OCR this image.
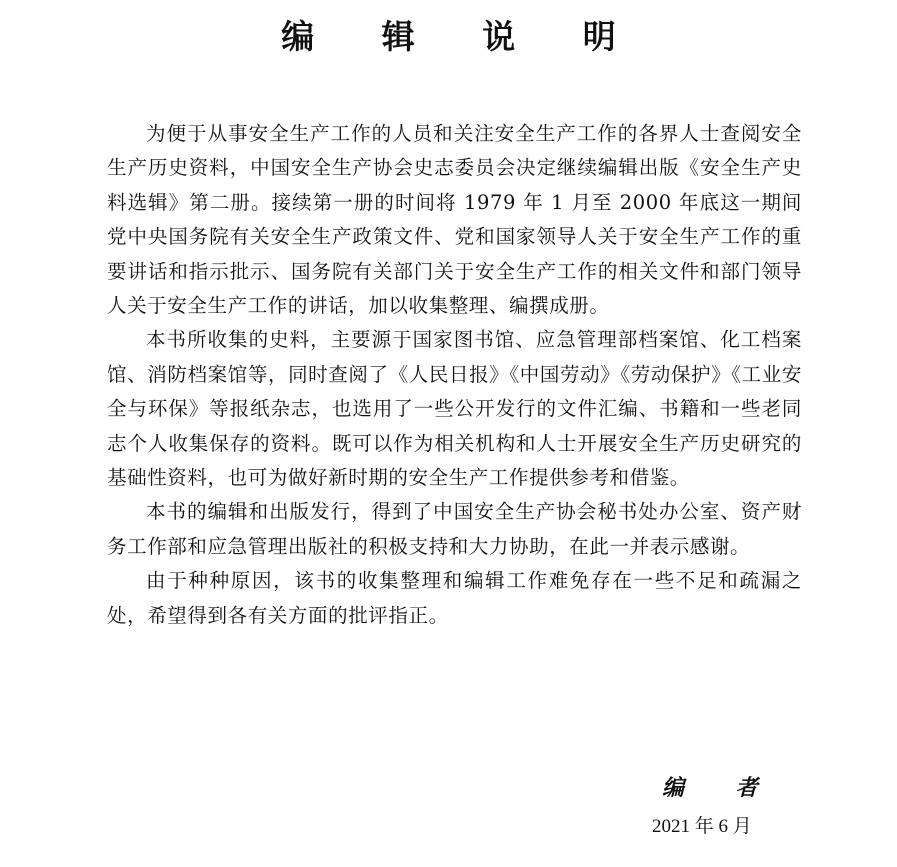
编 辑 说 明

为便于从事安全生产工作的人员和关注安全生产工作的各界人士查阅安全生产历史资料，中国安全生产协会史志委员会决定继续编辑出版《安全生产史料选辑》第二册。接续第一册的时间将 1979 年 1 月至 2000 年底这一期间党中央国务院有关安全生产政策文件、党和国家领导人关于安全生产工作的重要讲话和指示批示、国务院有关部门关于安全生产工作的相关文件和部门领导人关于安全生产工作的讲话，加以收集整理、编撰成册。

本书所收集的史料，主要源于国家图书馆、应急管理部档案馆、化工档案馆、消防档案馆等，同时查阅了《人民日报》《中国劳动》《劳动保护》《工业安全与环保》等报纸杂志，也选用了一些公开发行的文件汇编、书籍和一些老同志个人收集保存的资料。既可以作为相关机构和人士开展安全生产历史研究的基础性资料，也可为做好新时期的安全生产工作提供参考和借鉴。

本书的编辑和出版发行，得到了中国安全生产协会秘书处办公室、资产财务工作部和应急管理出版社的积极支持和大力协助，在此一并表示感谢。

由于种种原因，该书的收集整理和编辑工作难免存在一些不足和疏漏之处，希望得到各有关方面的批评指正。

编 者
2021 年 6 月
